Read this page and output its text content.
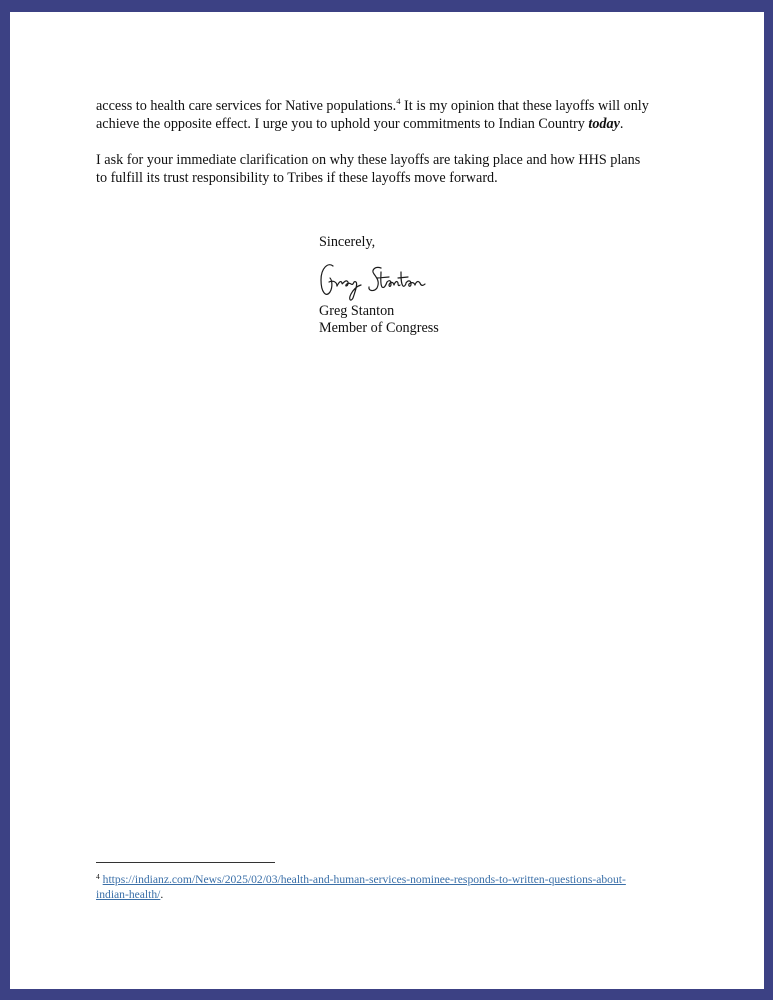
access to health care services for Native populations.$^4$ It is my opinion that these layoffs will only
achieve the opposite effect. I urge you to uphold your commitments to Indian Country today.
I ask for your immediate clarification on why these layoffs are taking place and how HHS plans
to fulfill its trust responsibility to Tribes if these layoffs move forward.
Sincerely,
Greg Stanton
Member of Congress
$^4$ https://indianz.com/News/2025/02/03/health-and-human-services-nominee-responds-to-written-questions-about-
indian-health/.
